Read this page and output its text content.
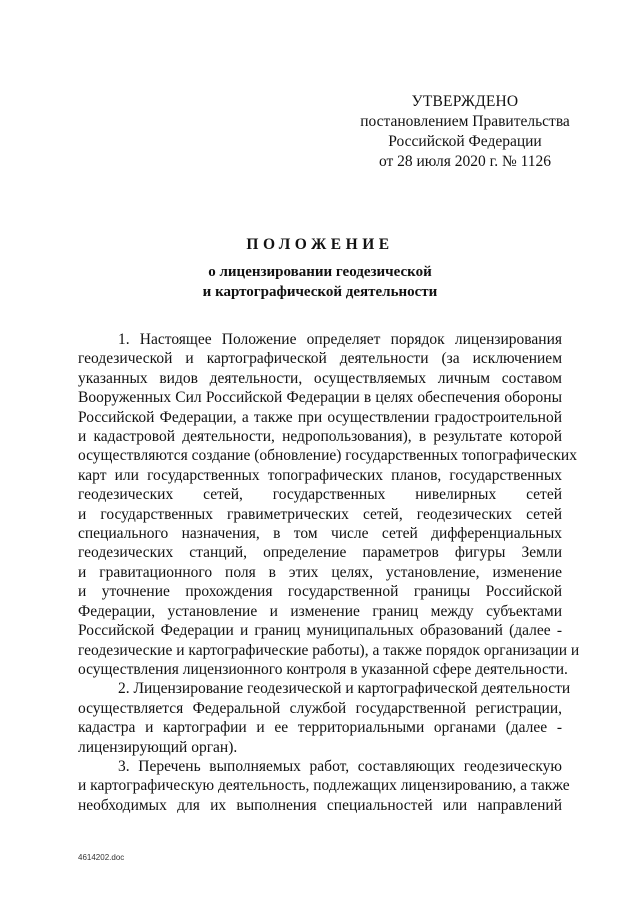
УТВЕРЖДЕНО
постановлением Правительства
Российской Федерации
от 28 июля 2020 г. № 1126
ПОЛОЖЕНИЕ
о лицензировании геодезической
и картографической деятельности
1. Настоящее Положение определяет порядок лицензирования
геодезической и картографической деятельности (за исключением
указанных видов деятельности, осуществляемых личным составом
Вооруженных Сил Российской Федерации в целях обеспечения обороны
Российской Федерации, а также при осуществлении градостроительной
и кадастровой деятельности, недропользования), в результате которой
осуществляются создание (обновление) государственных топографических
карт или государственных топографических планов, государственных
геодезических сетей, государственных нивелирных сетей
и государственных гравиметрических сетей, геодезических сетей
специального назначения, в том числе сетей дифференциальных
геодезических станций, определение параметров фигуры Земли
и гравитационного поля в этих целях, установление, изменение
и уточнение прохождения государственной границы Российской
Федерации, установление и изменение границ между субъектами
Российской Федерации и границ муниципальных образований (далее -
геодезические и картографические работы), а также порядок организации и
осуществления лицензионного контроля в указанной сфере деятельности.
2. Лицензирование геодезической и картографической деятельности
осуществляется Федеральной службой государственной регистрации,
кадастра и картографии и ее территориальными органами (далее -
лицензирующий орган).
3. Перечень выполняемых работ, составляющих геодезическую
и картографическую деятельность, подлежащих лицензированию, а также
необходимых для их выполнения специальностей или направлений
4614202.doc
